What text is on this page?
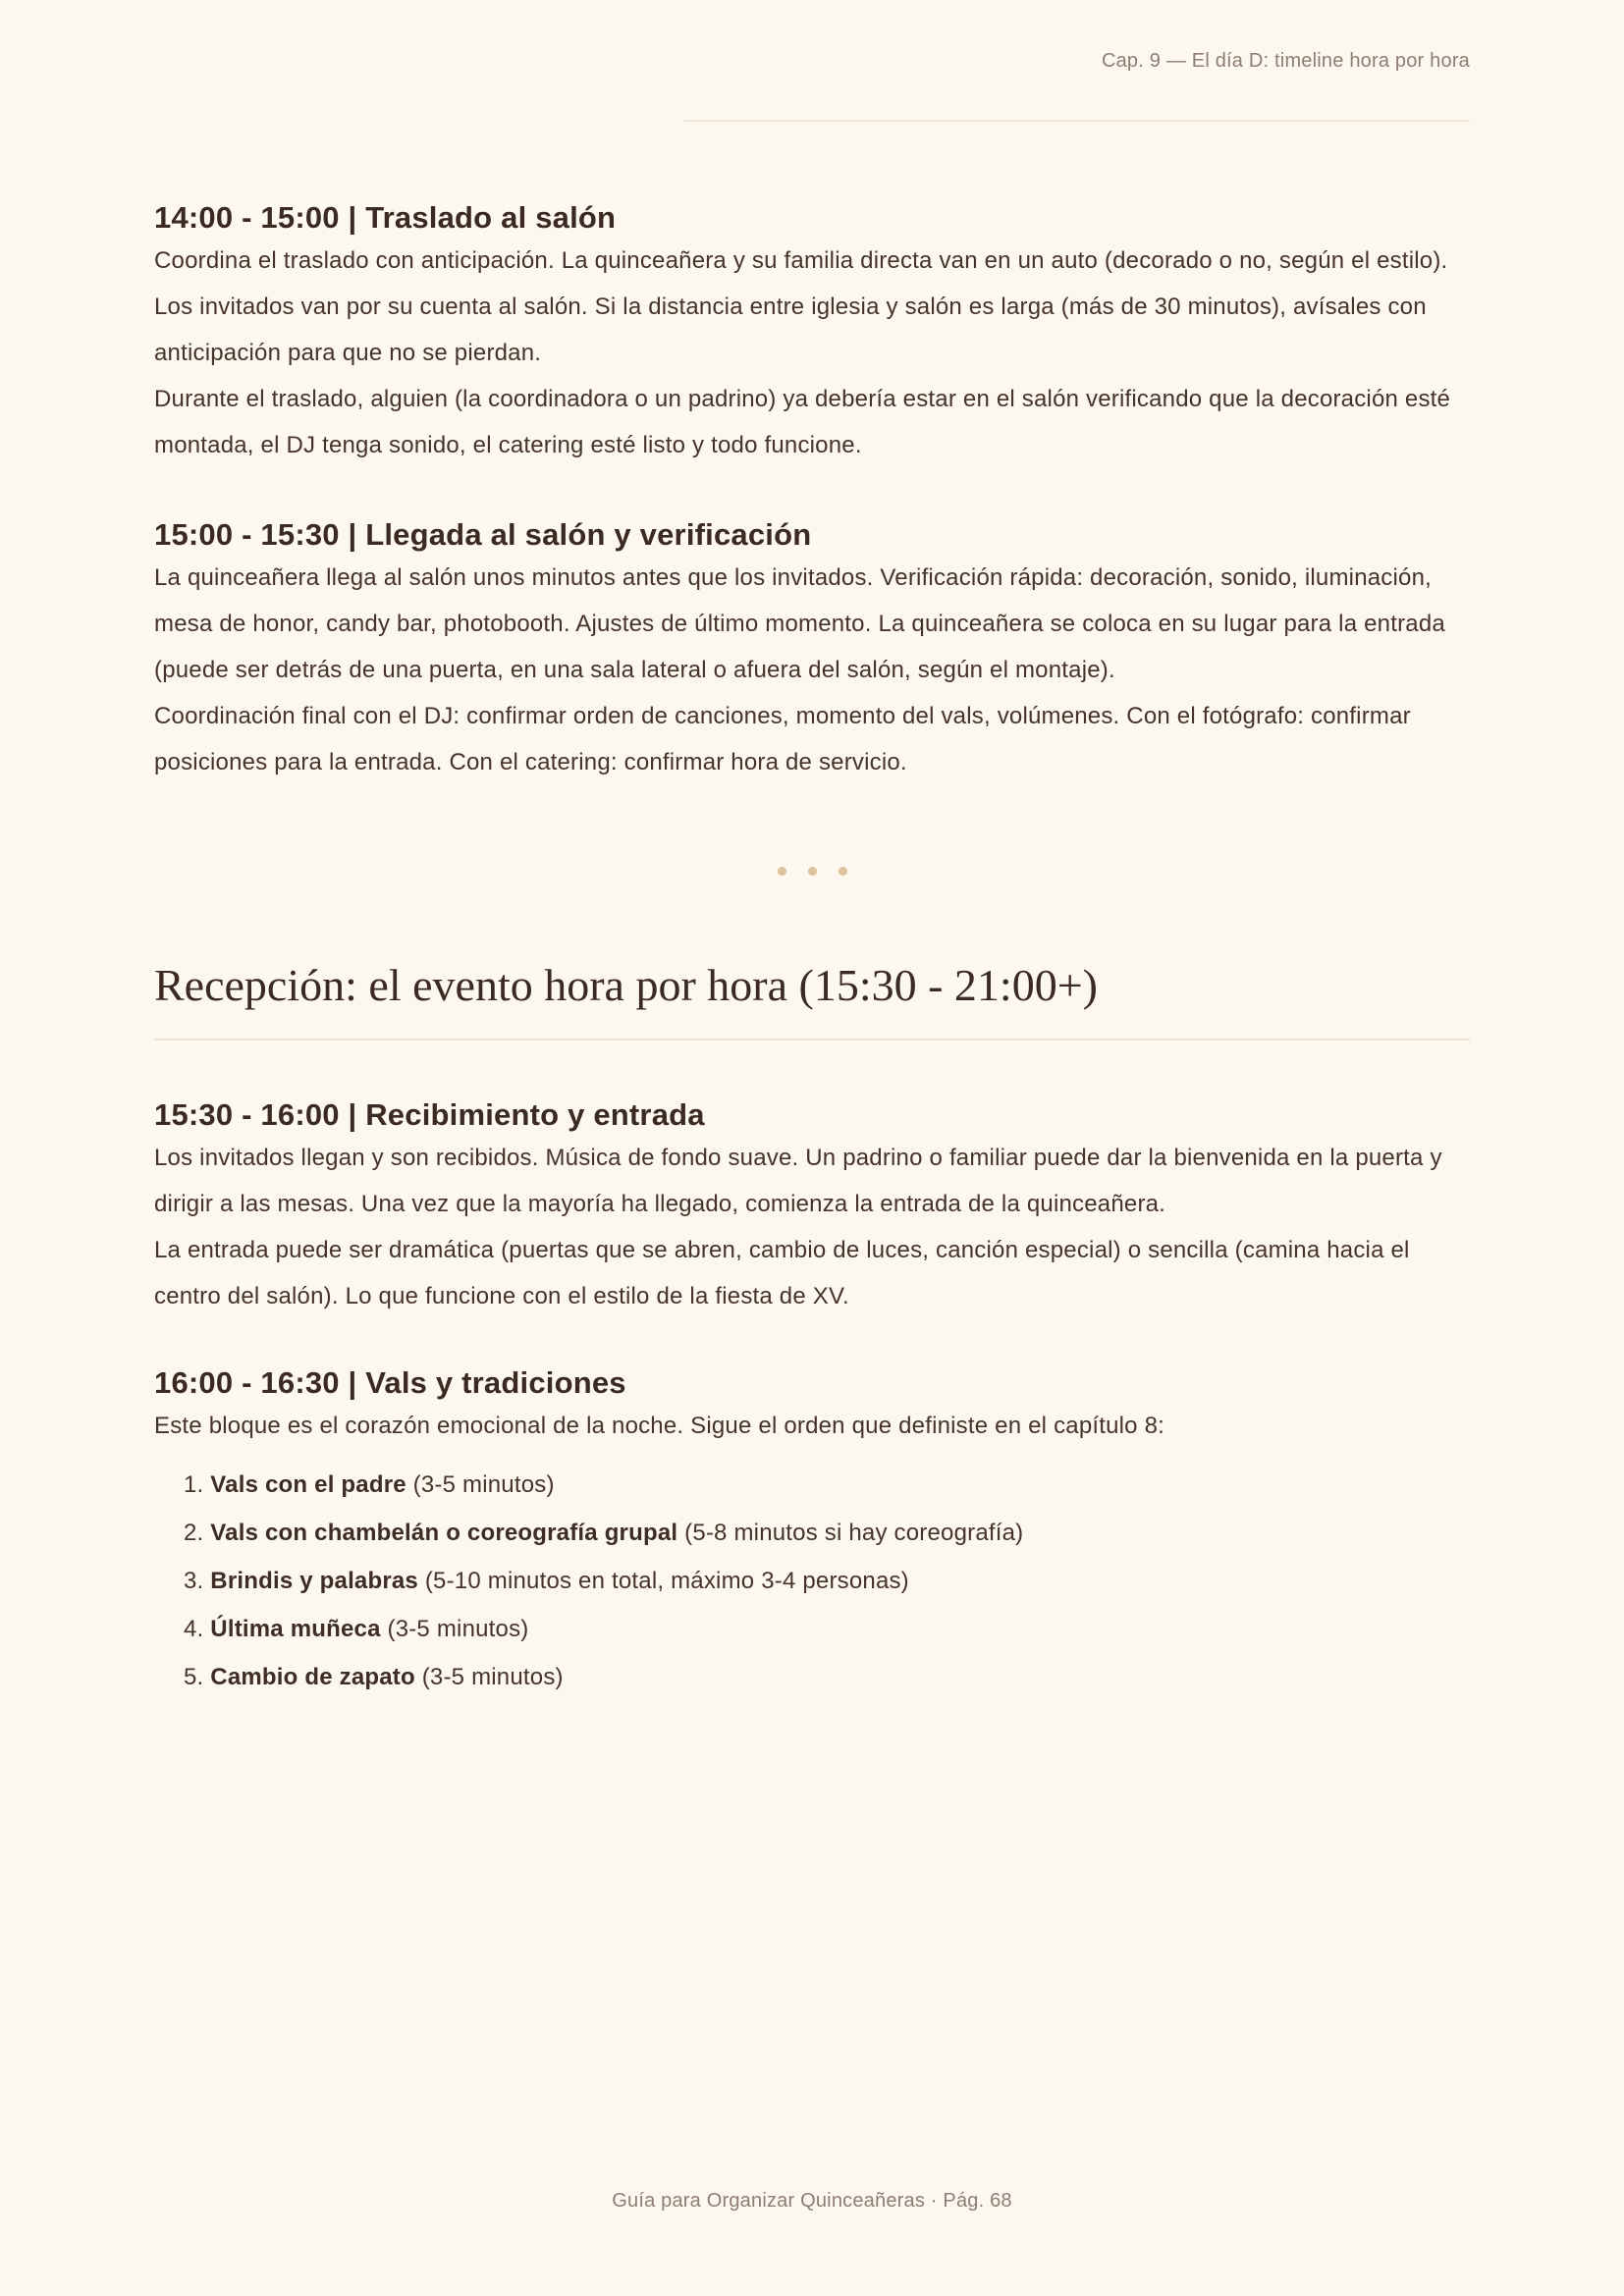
Cap. 9 — El día D: timeline hora por hora
14:00 - 15:00 | Traslado al salón

Coordina el traslado con anticipación. La quinceañera y su familia directa van en un auto (decorado o no, según el estilo). Los invitados van por su cuenta al salón. Si la distancia entre iglesia y salón es larga (más de 30 minutos), avísales con anticipación para que no se pierdan.

Durante el traslado, alguien (la coordinadora o un padrino) ya debería estar en el salón verificando que la decoración esté montada, el DJ tenga sonido, el catering esté listo y todo funcione.

15:00 - 15:30 | Llegada al salón y verificación

La quinceañera llega al salón unos minutos antes que los invitados. Verificación rápida: decoración, sonido, iluminación, mesa de honor, candy bar, photobooth. Ajustes de último momento. La quinceañera se coloca en su lugar para la entrada (puede ser detrás de una puerta, en una sala lateral o afuera del salón, según el montaje).

Coordinación final con el DJ: confirmar orden de canciones, momento del vals, volúmenes. Con el fotógrafo: confirmar posiciones para la entrada. Con el catering: confirmar hora de servicio.

Recepción: el evento hora por hora (15:30 - 21:00+)
15:30 - 16:00 | Recibimiento y entrada

Los invitados llegan y son recibidos. Música de fondo suave. Un padrino o familiar puede dar la bienvenida en la puerta y dirigir a las mesas. Una vez que la mayoría ha llegado, comienza la entrada de la quinceañera.

La entrada puede ser dramática (puertas que se abren, cambio de luces, canción especial) o sencilla (camina hacia el centro del salón). Lo que funcione con el estilo de la fiesta de XV.

16:00 - 16:30 | Vals y tradiciones

Este bloque es el corazón emocional de la noche. Sigue el orden que definiste en el capítulo 8:

1. Vals con el padre (3-5 minutos)
2. Vals con chambelán o coreografía grupal (5-8 minutos si hay coreografía)
3. Brindis y palabras (5-10 minutos en total, máximo 3-4 personas)
4. Última muñeca (3-5 minutos)
5. Cambio de zapato (3-5 minutos)
Guía para Organizar Quinceañeras · Pág. 68
